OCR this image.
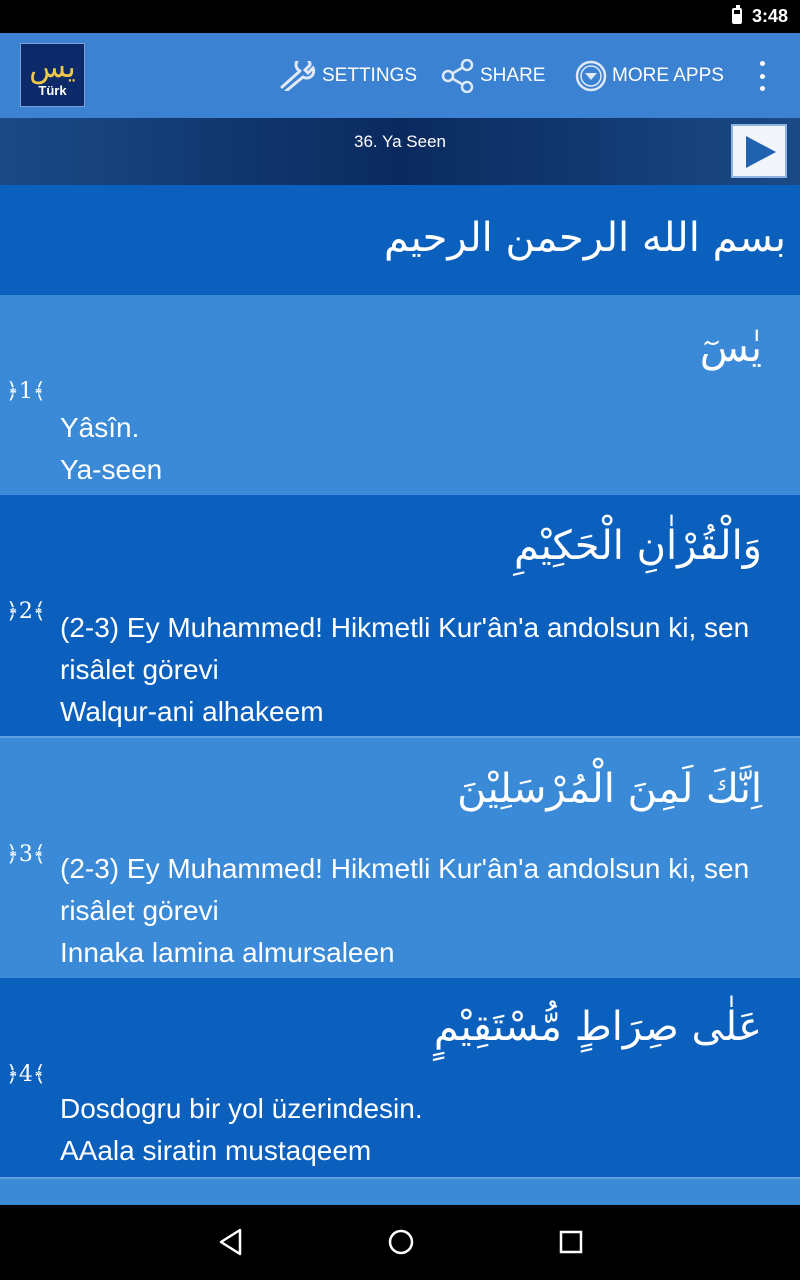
3:48
يس
Türk
SETTINGS	SHARE	MORE APPS
36. Ya Seen
بسم الله الرحمن الرحيم
يٰسٓ
﴿1﴾
Yâsîn.
Ya-seen
وَالْقُرْاٰنِ الْحَكِيْمِ
﴿2﴾
(2-3) Ey Muhammed! Hikmetli Kur'ân'a andolsun ki, sen risâlet görevi
Walqur-ani alhakeem
اِنَّكَ لَمِنَ الْمُرْسَلِيْنَ
﴿3﴾ (2-3) Ey Muhammed! Hikmetli Kur'ân'a andolsun ki, sen risâlet görevi
Innaka lamina almursaleen
عَلٰى صِرَاطٍ مُّسْتَقِيْمٍ
﴿4﴾
Dosdogru bir yol üzerindesin.
AAala siratin mustaqeem
